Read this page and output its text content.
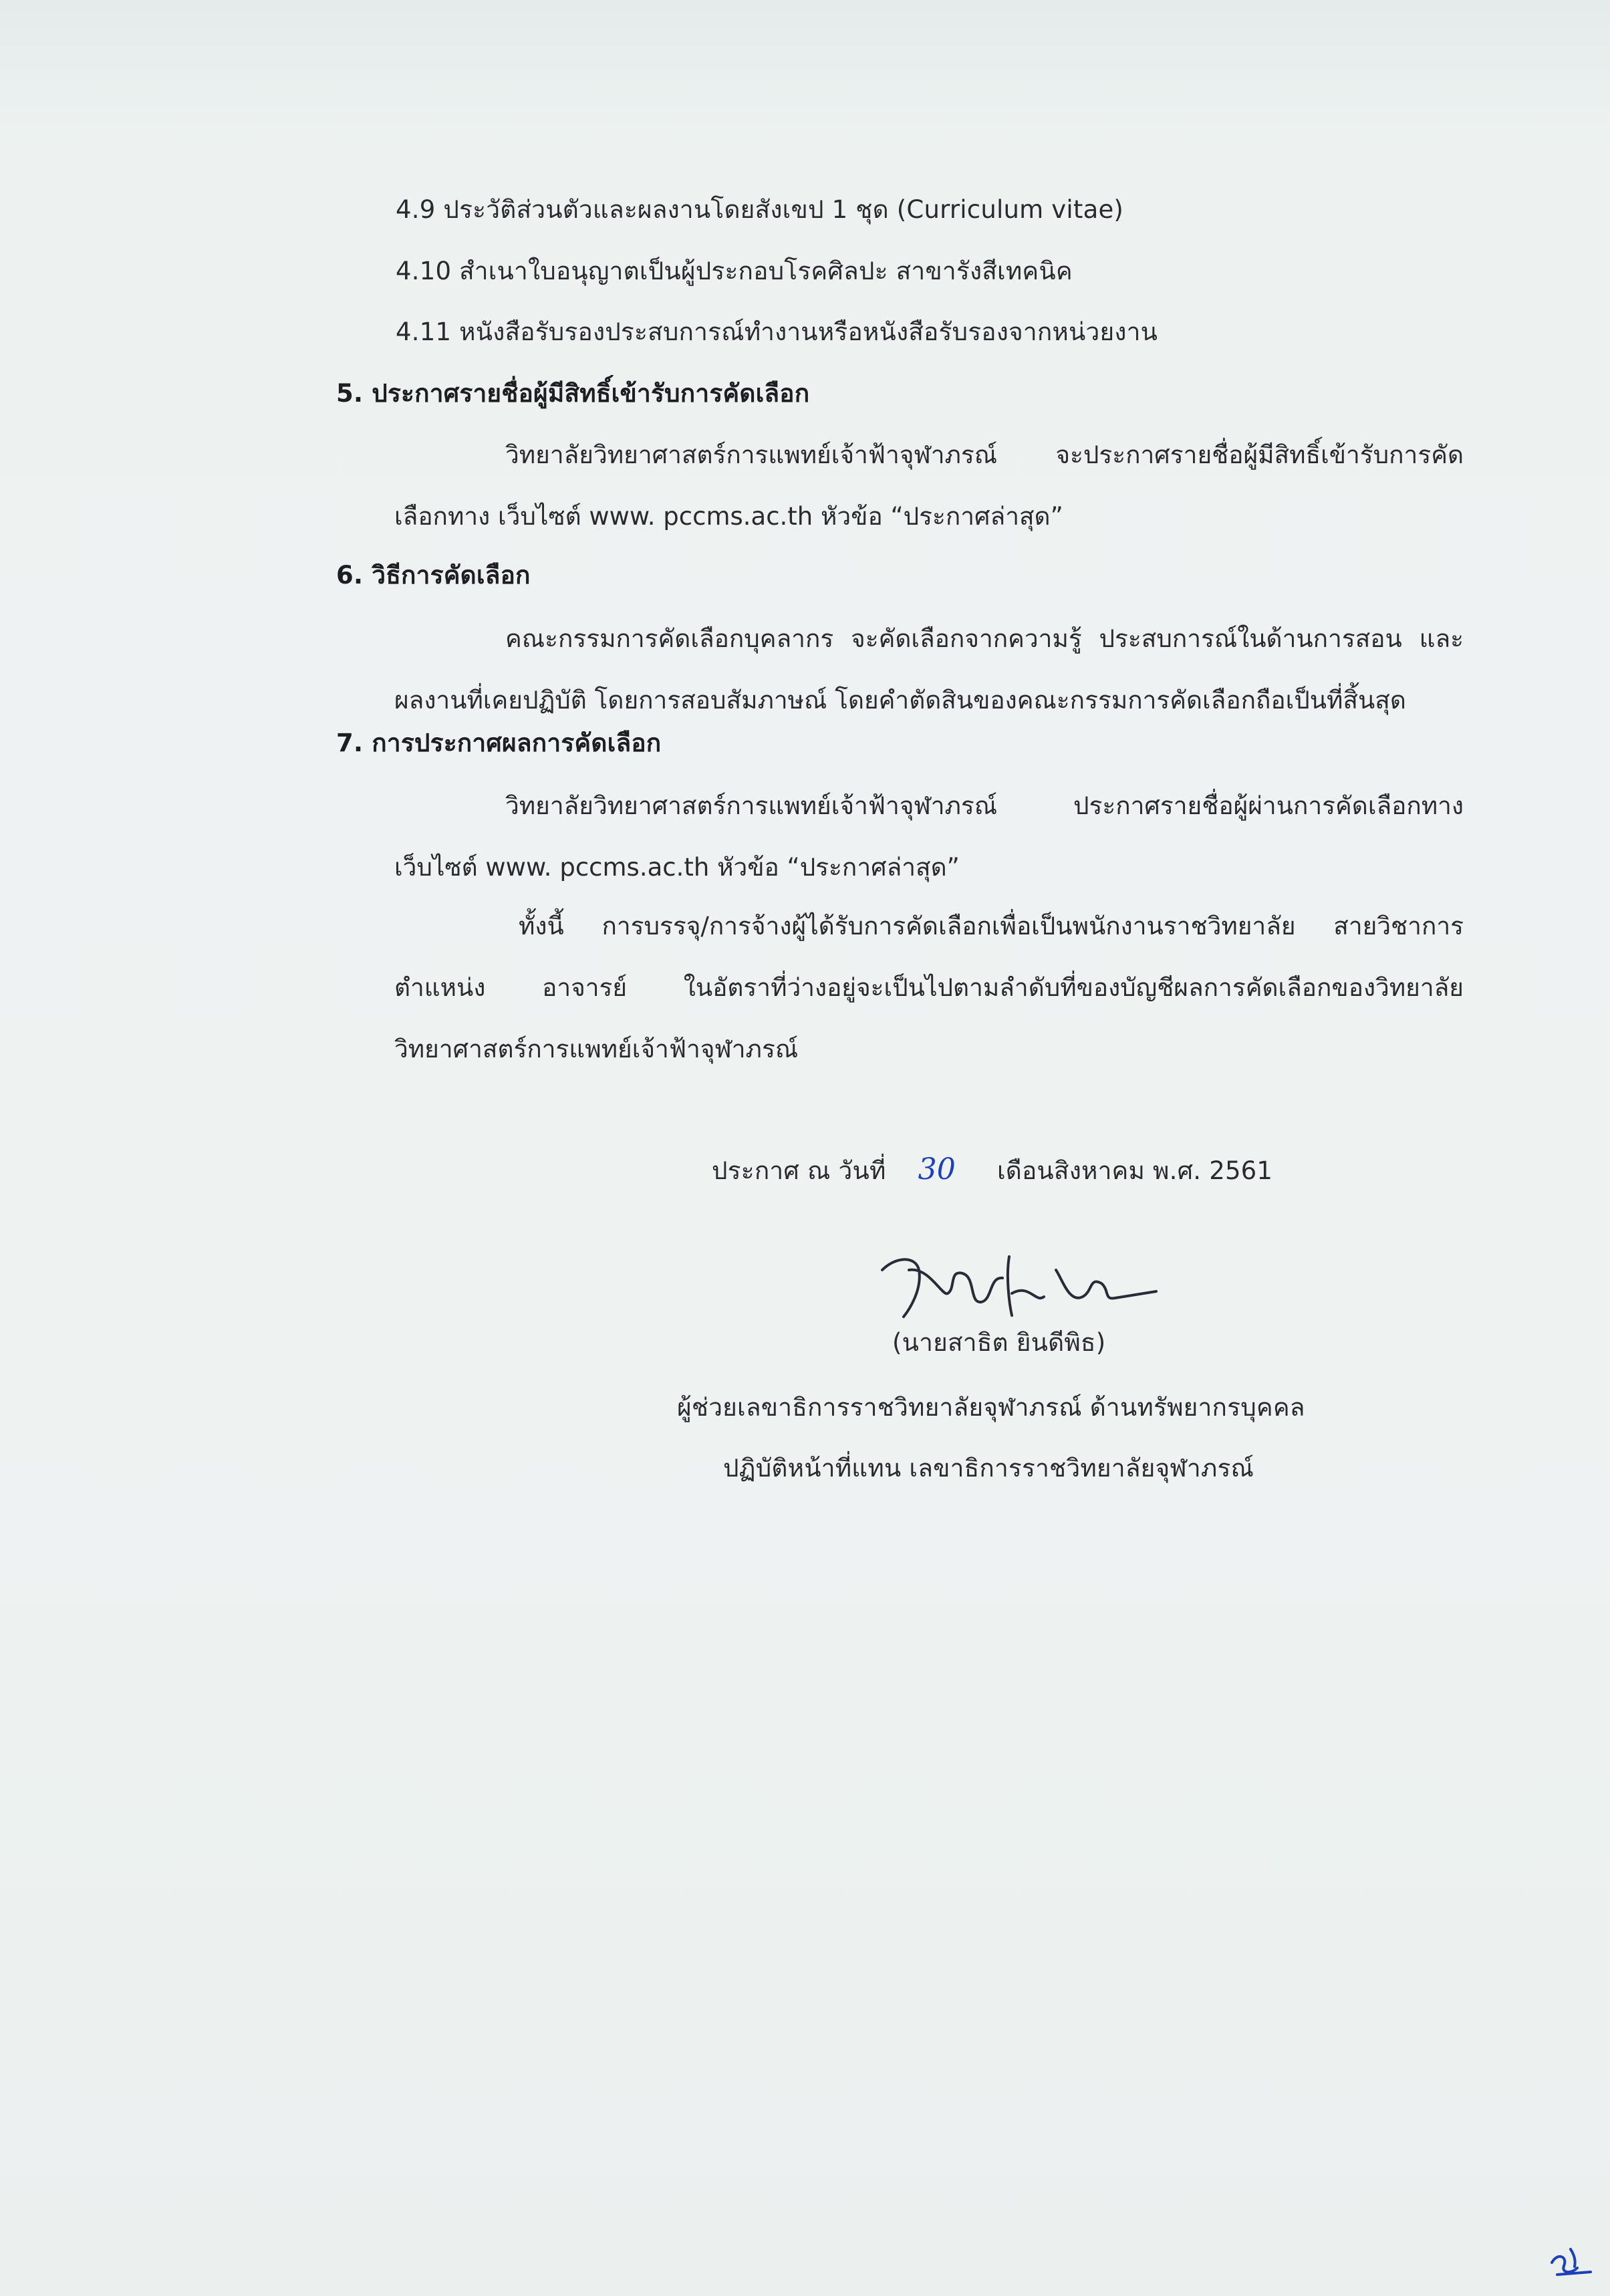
4.9 ประวัติส่วนตัวและผลงานโดยสังเขป 1 ชุด (Curriculum vitae)
4.10 สำเนาใบอนุญาตเป็นผู้ประกอบโรคศิลปะ สาขารังสีเทคนิค
4.11 หนังสือรับรองประสบการณ์ทำงานหรือหนังสือรับรองจากหน่วยงาน
5. ประกาศรายชื่อผู้มีสิทธิ์เข้ารับการคัดเลือก
วิทยาลัยวิทยาศาสตร์การแพทย์เจ้าฟ้าจุฬาภรณ์ จะประกาศรายชื่อผู้มีสิทธิ์เข้ารับการคัดเลือกทาง เว็บไซต์ www. pccms.ac.th หัวข้อ “ประกาศล่าสุด”
6. วิธีการคัดเลือก
คณะกรรมการคัดเลือกบุคลากร จะคัดเลือกจากความรู้ ประสบการณ์ในด้านการสอน และ ผลงานที่เคยปฏิบัติ โดยการสอบสัมภาษณ์ โดยคำตัดสินของคณะกรรมการคัดเลือกถือเป็นที่สิ้นสุด
7. การประกาศผลการคัดเลือก
วิทยาลัยวิทยาศาสตร์การแพทย์เจ้าฟ้าจุฬาภรณ์ ประกาศรายชื่อผู้ผ่านการคัดเลือกทาง เว็บไซต์ www. pccms.ac.th หัวข้อ “ประกาศล่าสุด”
ทั้งนี้ การบรรจุ/การจ้างผู้ได้รับการคัดเลือกเพื่อเป็นพนักงานราชวิทยาลัย สายวิชาการ ตำแหน่ง อาจารย์ ในอัตราที่ว่างอยู่จะเป็นไปตามลำดับที่ของบัญชีผลการคัดเลือกของวิทยาลัย วิทยาศาสตร์การแพทย์เจ้าฟ้าจุฬาภรณ์
ประกาศ ณ วันที่ 30 เดือนสิงหาคม พ.ศ. 2561
(นายสาธิต ยินดีพิธ)
ผู้ช่วยเลขาธิการราชวิทยาลัยจุฬาภรณ์ ด้านทรัพยากรบุคคล
ปฏิบัติหน้าที่แทน เลขาธิการราชวิทยาลัยจุฬาภรณ์
